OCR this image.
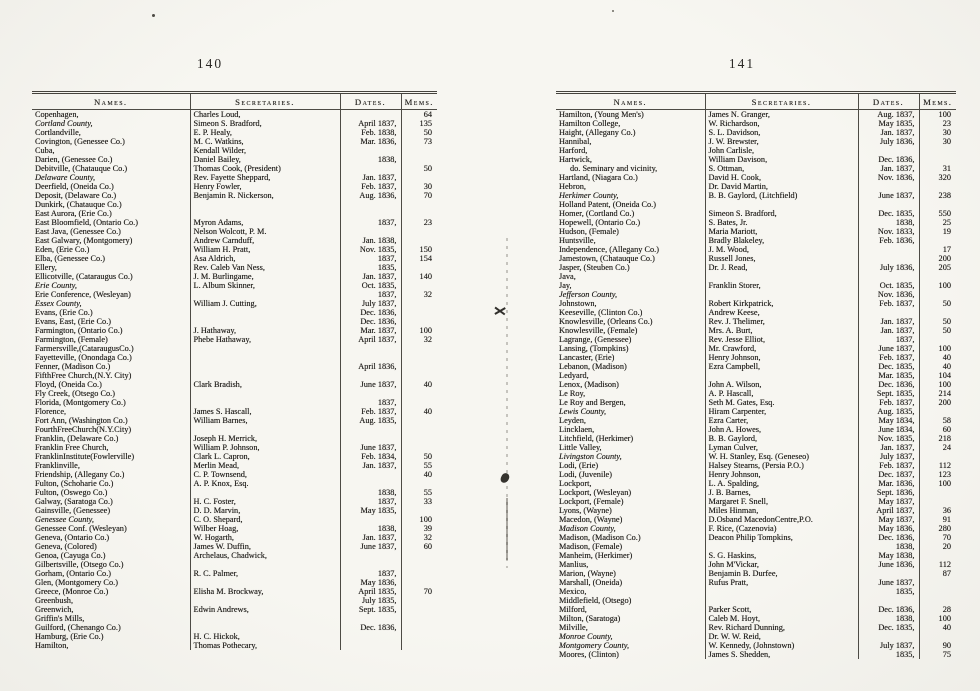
140	141
Names.	Secretaries.	Dates.	Mems.
Copenhagen,	Charles Loud,		64
Cortland County,	Simeon S. Bradford,	April 1837,	135
Cortlandville,	E. P. Healy,	Feb. 1838,	50
Covington, (Genessee Co.)	M. C. Watkins,	Mar. 1836,	73
Cuba,	Kendall Wilder,		
Darien, (Genessee Co.)	Daniel Bailey,	1838,	
Debitville, (Chatauque Co.)	Thomas Cook, (President)		50
Delaware County,	Rev. Fayette Sheppard,	Jan. 1837,	
Deerfield, (Oneida Co.)	Henry Fowler,	Feb. 1837,	30
Deposit, (Delaware Co.)	Benjamin R. Nickerson,	Aug. 1836,	70
Dunkirk, (Chatauque Co.)			
East Aurora, (Erie Co.)			
East Bloomfield, (Ontario Co.)	Myron Adams,	1837,	23
East Java, (Genessee Co.)	Nelson Wolcott, P. M.		
East Galwary, (Montgomery)	Andrew Carnduff,	Jan. 1838,	
Eden, (Erie Co.)	William H. Pratt,	Nov. 1835,	150
Elba, (Genessee Co.)	Asa Aldrich,	1837,	154
Ellery,	Rev. Caleb Van Ness,	1835,	
Ellicotville, (Cataraugus Co.)	J. M. Burlingame,	Jan. 1837,	140
Erie County,	L. Album Skinner,	Oct. 1835,	
Erie Conference, (Wesleyan)		1837,	32
Essex County,	William J. Cutting,	July 1837,	
Evans, (Erie Co.)		Dec. 1836,	
Evans, East, (Erie Co.)		Dec. 1836,	
Farmington, (Ontario Co.)	J. Hathaway,	Mar. 1837,	100
Farmington, (Female)	Phebe Hathaway,	April 1837,	32
Farmersville,(CataraugusCo.)			
Fayetteville, (Onondaga Co.)			
Fenner, (Madison Co.)		April 1836,	
FifthFree Church,(N.Y. City)			
Floyd, (Oneida Co.)	Clark Bradish,	June 1837,	40
Fly Creek, (Otsego Co.)			
Florida, (Montgomery Co.)		1837,	
Florence,	James S. Hascall,	Feb. 1837,	40
Fort Ann, (Washington Co.)	William Barnes,	Aug. 1835,	
FourthFreeChurch(N.Y.City)			
Franklin, (Delaware Co.)	Joseph H. Merrick,		
Franklin Free Church,	William P. Johnson,	June 1837,	
FranklinInstitute(Fowlerville)	Clark L. Capron,	Feb. 1834,	50
Franklinville,	Merlin Mead,	Jan. 1837,	55
Friendship, (Allegany Co.)	C. P. Townsend,		40
Fulton, (Schoharie Co.)	A. P. Knox, Esq.		
Fulton, (Oswego Co.)		1838,	55
Galway, (Saratoga Co.)	H. C. Foster,	1837,	33
Gainsville, (Genessee)	D. D. Marvin,	May 1835,	
Genessee County,	C. O. Shepard,		100
Genessee Conf. (Wesleyan)	Wilber Hoag,	1838,	39
Geneva, (Ontario Co.)	W. Hogarth,	Jan. 1837,	32
Geneva, (Colored)	James W. Duffin,	June 1837,	60
Genoa, (Cayuga Co.)	Archelaus, Chadwick,		
Gilbertsville, (Otsego Co.)			
Gorham, (Ontario Co.)	R. C. Palmer,	1837,	
Glen, (Montgomery Co.)		May 1836,	
Greece, (Monroe Co.)	Elisha M. Brockway,	April 1835,	70
Greenbush,		July 1835,	
Greenwich,	Edwin Andrews,	Sept. 1835,	
Griffin's Mills,			
Guilford, (Chenango Co.)		Dec. 1836,	
Hamburg, (Erie Co.)	H. C. Hickok,		
Hamilton,	Thomas Pothecary,		
Names.	Secretaries.	Dates.	Mems.
Hamilton, (Young Men's)	James N. Granger,	Aug. 1837,	100
Hamilton College,	W. Richardson,	May 1835,	23
Haight, (Allegany Co.)	S. L. Davidson,	Jan. 1837,	30
Hannibal,	J. W. Brewster,	July 1836,	30
Harford,	John Carlisle,		
Hartwick,	William Davison,	Dec. 1836,	
do. Seminary and vicinity,	S. Ottman,	Jan. 1837,	31
Hartland, (Niagara Co.)	David H. Cook,	Nov. 1836,	320
Hebron,	Dr. David Martin,		
Herkimer County,	B. B. Gaylord, (Litchfield)	June 1837,	238
Holland Patent, (Oneida Co.)			
Homer, (Cortland Co.)	Simeon S. Bradford,	Dec. 1835,	550
Hopewell, (Ontario Co.)	S. Bates, Jr.	1838,	25
Hudson, (Female)	Maria Mariott,	Nov. 1833,	19
Huntsville,	Bradly Blakeley,	Feb. 1836,	
Independence, (Allegany Co.)	J. M. Wood,		17
Jamestown, (Chatauque Co.)	Russell Jones,		200
Jasper, (Steuben Co.)	Dr. J. Read,	July 1836,	205
Java,			
Jay,	Franklin Storer,	Oct. 1835,	100
Jefferson County,		Nov. 1836,	
Johnstown,	Robert Kirkpatrick,	Feb. 1837,	50
Keeseville, (Clinton Co.)	Andrew Keese,		
Knowlesville, (Orleans Co.)	Rev. J. Thelimer,	Jan. 1837,	50
Knowlesville, (Female)	Mrs. A. Burt,	Jan. 1837,	50
Lagrange, (Genessee)	Rev. Jesse Elliot,	1837,	
Lansing, (Tompkins)	Mr. Crawford,	June 1837,	100
Lancaster, (Erie)	Henry Johnson,	Feb. 1837,	40
Lebanon, (Madison)	Ezra Campbell,	Dec. 1835,	40
Ledyard,		Mar. 1835,	104
Lenox, (Madison)	John A. Wilson,	Dec. 1836,	100
Le Roy,	A. P. Hascall,	Sept. 1835,	214
Le Roy and Bergen,	Seth M. Gates, Esq.	Feb. 1837,	200
Lewis County,	Hiram Carpenter,	Aug. 1835,	
Leyden,	Ezra Carter,	May 1834,	58
Lincklaen,	John A. Howes,	June 1834,	60
Litchfield, (Herkimer)	B. B. Gaylord,	Nov. 1835,	218
Little Valley,	Lyman Culver,	Jan. 1837,	24
Livingston County,	W. H. Stanley, Esq. (Geneseo)	July 1837,	
Lodi, (Erie)	Halsey Stearns, (Persia P.O.)	Feb. 1837,	112
Lodi, (Juvenile)	Henry Johnson,	Dec. 1837,	123
Lockport,	L. A. Spalding,	Mar. 1836,	100
Lockport, (Wesleyan)	J. B. Barnes,	Sept. 1836,	
Lockport, (Female)	Margaret F. Snell,	May 1837,	
Lyons, (Wayne)	Miles Hinman,	April 1837,	36
Macedon, (Wayne)	D.Osband MacedonCentre,P.O.	May 1837,	91
Madison County,	F. Rice, (Cazenovia)	May 1836,	280
Madison, (Madison Co.)	Deacon Philip Tompkins,	Dec. 1836,	70
Madison, (Female)		1838,	20
Manheim, (Herkimer)	S. G. Haskins,	May 1838,	
Manlius,	John M'Vickar,	June 1836,	112
Marion, (Wayne)	Benjamin B. Durfee,		87
Marshall, (Oneida)	Rufus Pratt,	June 1837,	
Mexico,		1835,	
Middlefield, (Otsego)			
Milford,	Parker Scott,	Dec. 1836,	28
Milton, (Saratoga)	Caleb M. Hoyt,	1838,	100
Milville,	Rev. Richard Dunning,	Dec. 1835,	40
Monroe County,	Dr. W. W. Reid,		
Montgomery County,	W. Kennedy, (Johnstown)	July 1837,	90
Moores, (Clinton)	James S. Shedden,	1835,	75
